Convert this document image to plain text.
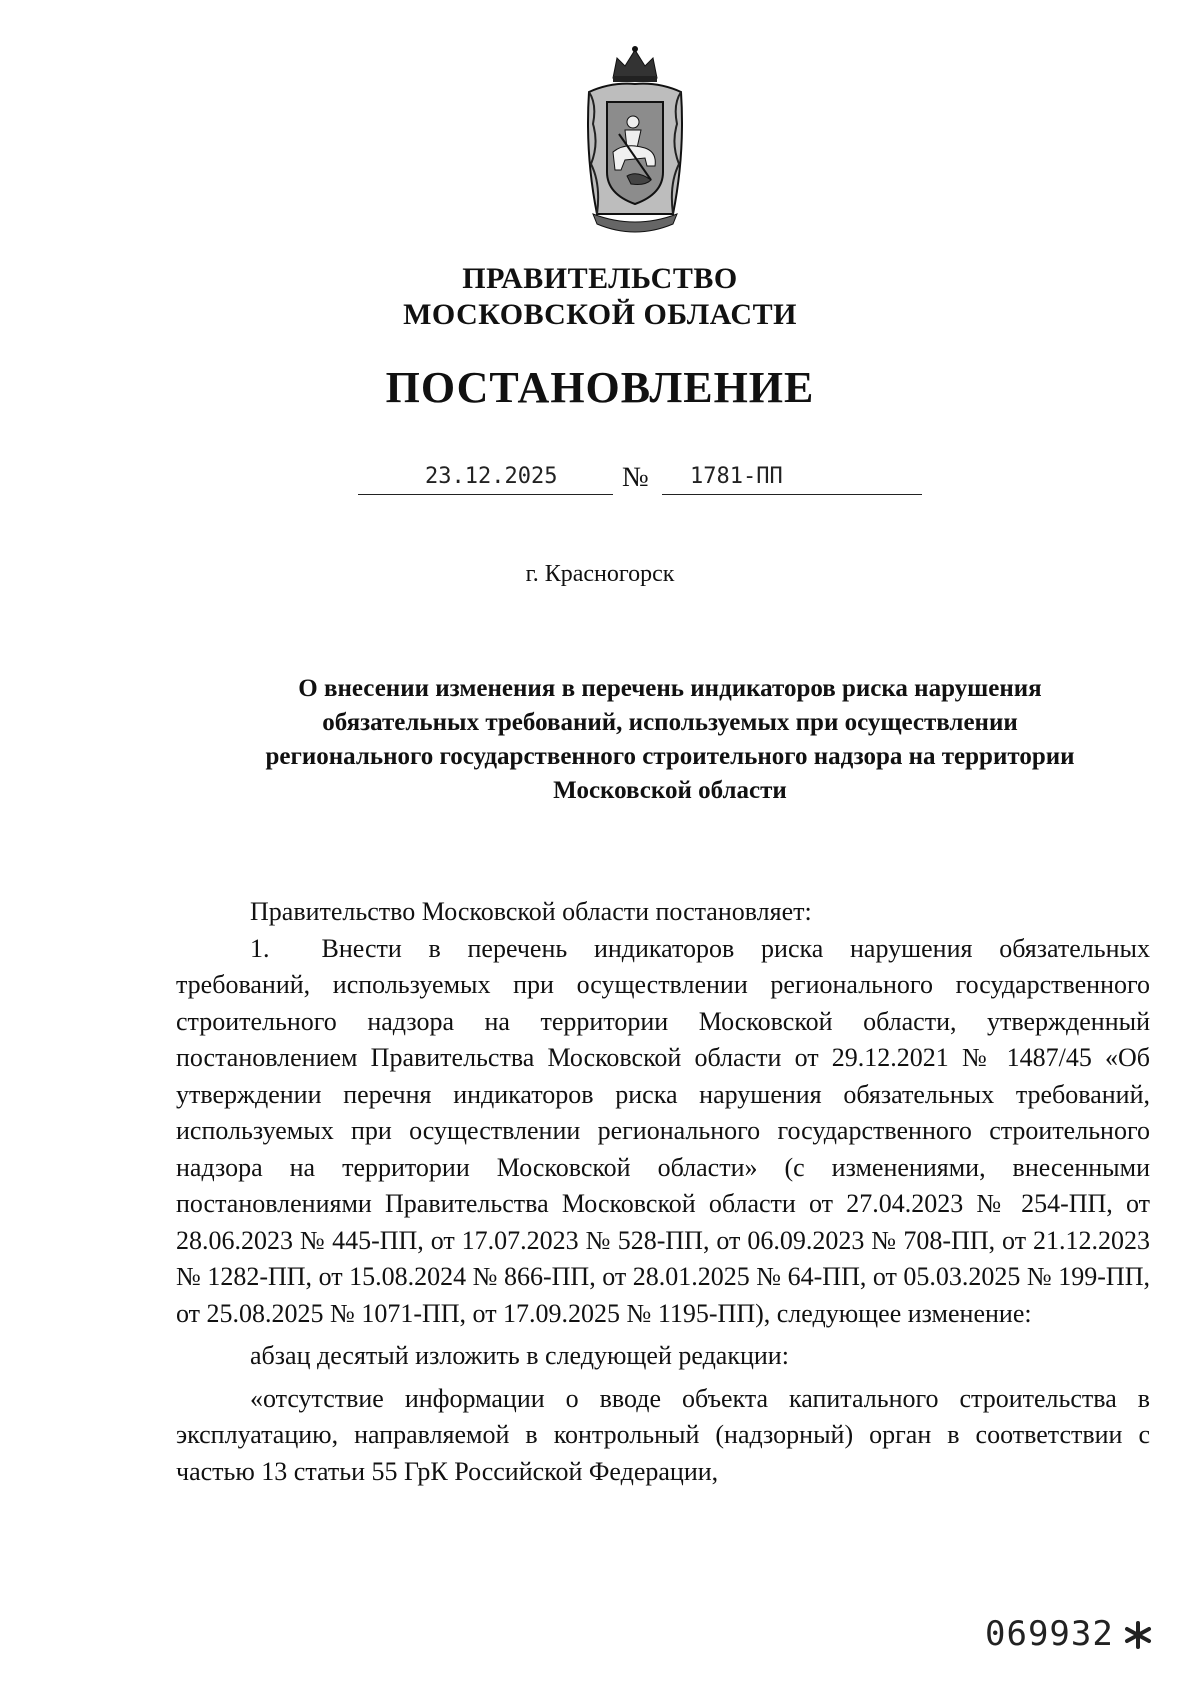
ПРАВИТЕЛЬСТВО
МОСКОВСКОЙ ОБЛАСТИ
ПОСТАНОВЛЕНИЕ
23.12.2025 № 1781-ПП
г. Красногорск
О внесении изменения в перечень индикаторов риска нарушения
обязательных требований, используемых при осуществлении
регионального государственного строительного надзора на территории
Московской области

Правительство Московской области постановляет:

1. Внести в перечень индикаторов риска нарушения обязательных требований, используемых при осуществлении регионального государственного строительного надзора на территории Московской области, утвержденный постановлением Правительства Московской области от 29.12.2021 № 1487/45 «Об утверждении перечня индикаторов риска нарушения обязательных требований, используемых при осуществлении регионального государственного строительного надзора на территории Московской области» (с изменениями, внесенными постановлениями Правительства Московской области от 27.04.2023 № 254-ПП, от 28.06.2023 № 445-ПП, от 17.07.2023 № 528-ПП, от 06.09.2023 № 708-ПП, от 21.12.2023 № 1282-ПП, от 15.08.2024 № 866-ПП, от 28.01.2025 № 64-ПП, от 05.03.2025 № 199-ПП, от 25.08.2025 № 1071-ПП, от 17.09.2025 № 1195-ПП), следующее изменение:

абзац десятый изложить в следующей редакции:

«отсутствие информации о вводе объекта капитального строительства в эксплуатацию, направляемой в контрольный (надзорный) орган в соответствии с частью 13 статьи 55 ГрК Российской Федерации,

069932
